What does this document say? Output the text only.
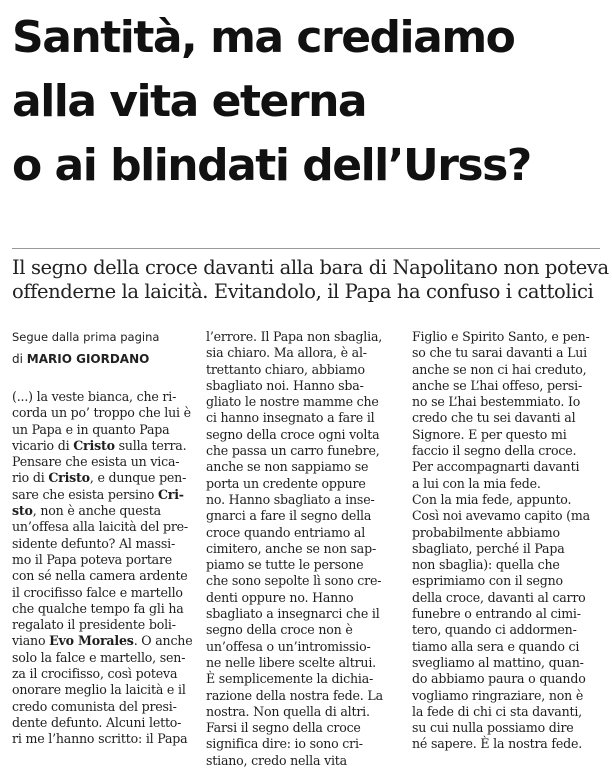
Santità, ma crediamo
alla vita eterna
o ai blindati dell’Urss?

Il segno della croce davanti alla bara di Napolitano non poteva
offenderne la laicità. Evitandolo, il Papa ha confuso i cattolici

Segue dalla prima pagina
di MARIO GIORDANO
(...) la veste bianca, che ri-
corda un po’ troppo che lui è
un Papa e in quanto Papa
vicario di Cristo sulla terra.
Pensare che esista un vica-
rio di Cristo, e dunque pen-
sare che esista persino Cri-
sto, non è anche questa
un’offesa alla laicità del pre-
sidente defunto? Al massi-
mo il Papa poteva portare
con sé nella camera ardente
il crocifisso falce e martello
che qualche tempo fa gli ha
regalato il presidente boli-
viano Evo Morales. O anche
solo la falce e martello, sen-
za il crocifisso, così poteva
onorare meglio la laicità e il
credo comunista del presi-
dente defunto. Alcuni letto-
ri me l’hanno scritto: il Papa
l’errore. Il Papa non sbaglia,
sia chiaro. Ma allora, è al-
trettanto chiaro, abbiamo
sbagliato noi. Hanno sba-
gliato le nostre mamme che
ci hanno insegnato a fare il
segno della croce ogni volta
che passa un carro funebre,
anche se non sappiamo se
porta un credente oppure
no. Hanno sbagliato a inse-
gnarci a fare il segno della
croce quando entriamo al
cimitero, anche se non sap-
piamo se tutte le persone
che sono sepolte lì sono cre-
denti oppure no. Hanno
sbagliato a insegnarci che il
segno della croce non è
un’offesa o un’intromissio-
ne nelle libere scelte altrui.
È semplicemente la dichia-
razione della nostra fede. La
nostra. Non quella di altri.
Farsi il segno della croce
significa dire: io sono cri-
stiano, credo nella vita
Figlio e Spirito Santo, e pen-
so che tu sarai davanti a Lui
anche se non ci hai creduto,
anche se L’hai offeso, persi-
no se L’hai bestemmiato. Io
credo che tu sei davanti al
Signore. E per questo mi
faccio il segno della croce.
Per accompagnarti davanti
a lui con la mia fede.
Con la mia fede, appunto.
Così noi avevamo capito (ma
probabilmente abbiamo
sbagliato, perché il Papa
non sbaglia): quella che
esprimiamo con il segno
della croce, davanti al carro
funebre o entrando al cimi-
tero, quando ci addormen-
tiamo alla sera e quando ci
svegliamo al mattino, quan-
do abbiamo paura o quando
vogliamo ringraziare, non è
la fede di chi ci sta davanti,
su cui nulla possiamo dire
né sapere. È la nostra fede.
